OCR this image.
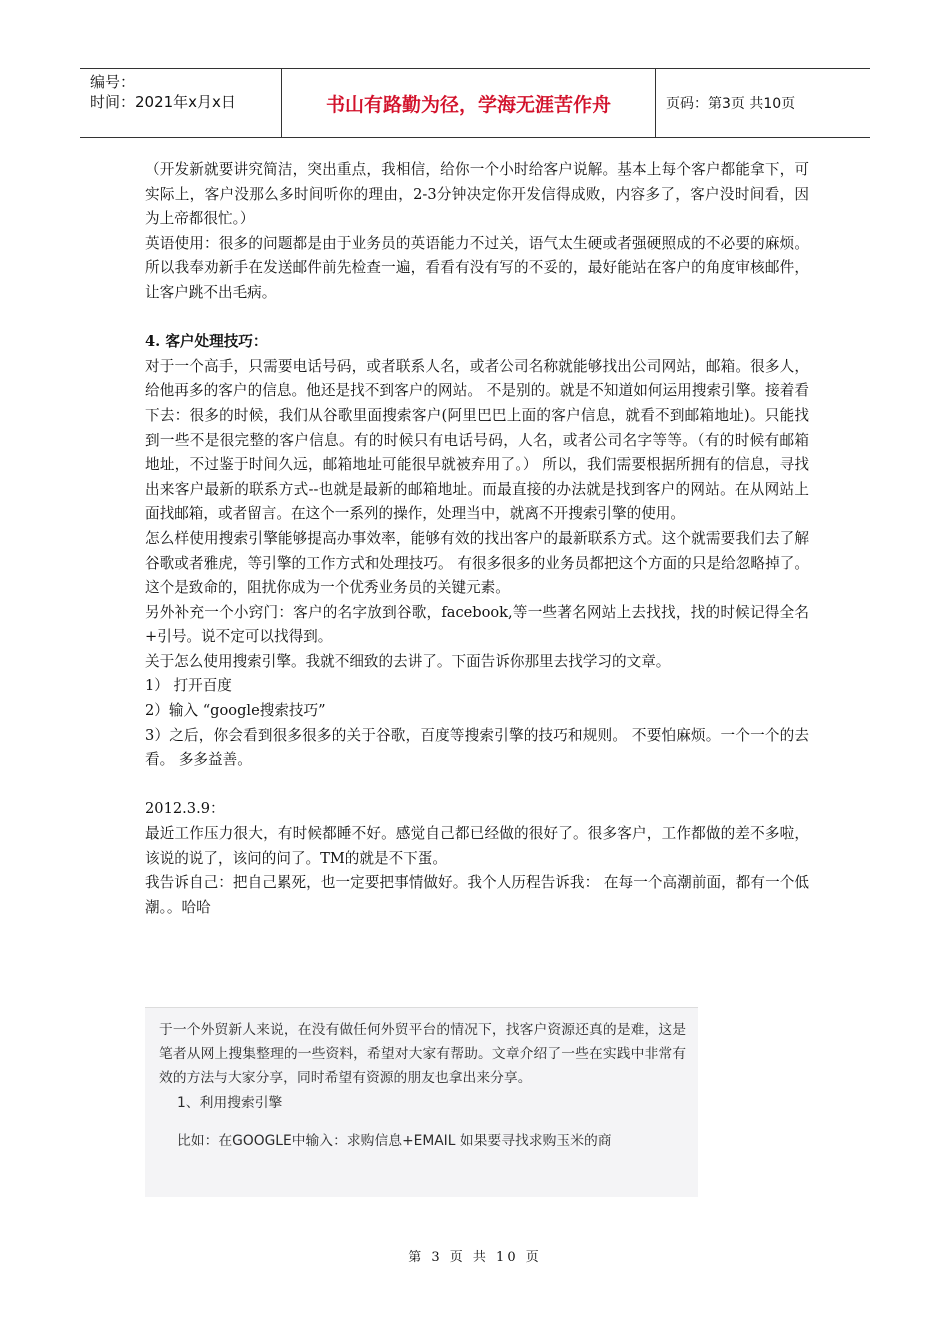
编号：
时间：2021年x月x日	书山有路勤为径，学海无涯苦作舟	页码：第3页 共10页

（开发新就要讲究简洁，突出重点，我相信，给你一个小时给客户说解。基本上每个客户都能拿下，可实际上，客户没那么多时间听你的理由，2-3分钟决定你开发信得成败，内容多了，客户没时间看，因为上帝都很忙。）

英语使用：很多的问题都是由于业务员的英语能力不过关，语气太生硬或者强硬照成的不必要的麻烦。所以我奉劝新手在发送邮件前先检查一遍，看看有没有写的不妥的，最好能站在客户的角度审核邮件，让客户跳不出毛病。

4. 客户处理技巧：

对于一个高手，只需要电话号码，或者联系人名，或者公司名称就能够找出公司网站，邮箱。很多人，给他再多的客户的信息。他还是找不到客户的网站。 不是别的。就是不知道如何运用搜索引擎。接着看下去：很多的时候，我们从谷歌里面搜索客户(阿里巴巴上面的客户信息，就看不到邮箱地址)。只能找到一些不是很完整的客户信息。有的时候只有电话号码，人名，或者公司名字等等。（有的时候有邮箱地址，不过鉴于时间久远，邮箱地址可能很早就被弃用了。） 所以，我们需要根据所拥有的信息，寻找出来客户最新的联系方式--也就是最新的邮箱地址。而最直接的办法就是找到客户的网站。在从网站上面找邮箱，或者留言。在这个一系列的操作，处理当中，就离不开搜索引擎的使用。

怎么样使用搜索引擎能够提高办事效率，能够有效的找出客户的最新联系方式。这个就需要我们去了解谷歌或者雅虎，等引擎的工作方式和处理技巧。 有很多很多的业务员都把这个方面的只是给忽略掉了。 这个是致命的，阻扰你成为一个优秀业务员的关键元素。

另外补充一个小窍门：客户的名字放到谷歌，facebook,等一些著名网站上去找找，找的时候记得全名+引号。说不定可以找得到。

关于怎么使用搜索引擎。我就不细致的去讲了。下面告诉你那里去找学习的文章。

1） 打开百度

2）输入 “google搜索技巧”

3）之后，你会看到很多很多的关于谷歌，百度等搜索引擎的技巧和规则。 不要怕麻烦。一个一个的去看。 多多益善。

2012.3.9：

最近工作压力很大，有时候都睡不好。感觉自己都已经做的很好了。很多客户，工作都做的差不多啦，该说的说了，该问的问了。TM的就是不下蛋。

我告诉自己：把自己累死，也一定要把事情做好。我个人历程告诉我： 在每一个高潮前面，都有一个低潮。。哈哈

于一个外贸新人来说，在没有做任何外贸平台的情况下，找客户资源还真的是难，这是笔者从网上搜集整理的一些资料，希望对大家有帮助。文章介绍了一些在实践中非常有效的方法与大家分享，同时希望有资源的朋友也拿出来分享。

1、利用搜索引擎

比如：在GOOGLE中输入：求购信息+EMAIL 如果要寻找求购玉米的商

第 3 页 共 10 页
